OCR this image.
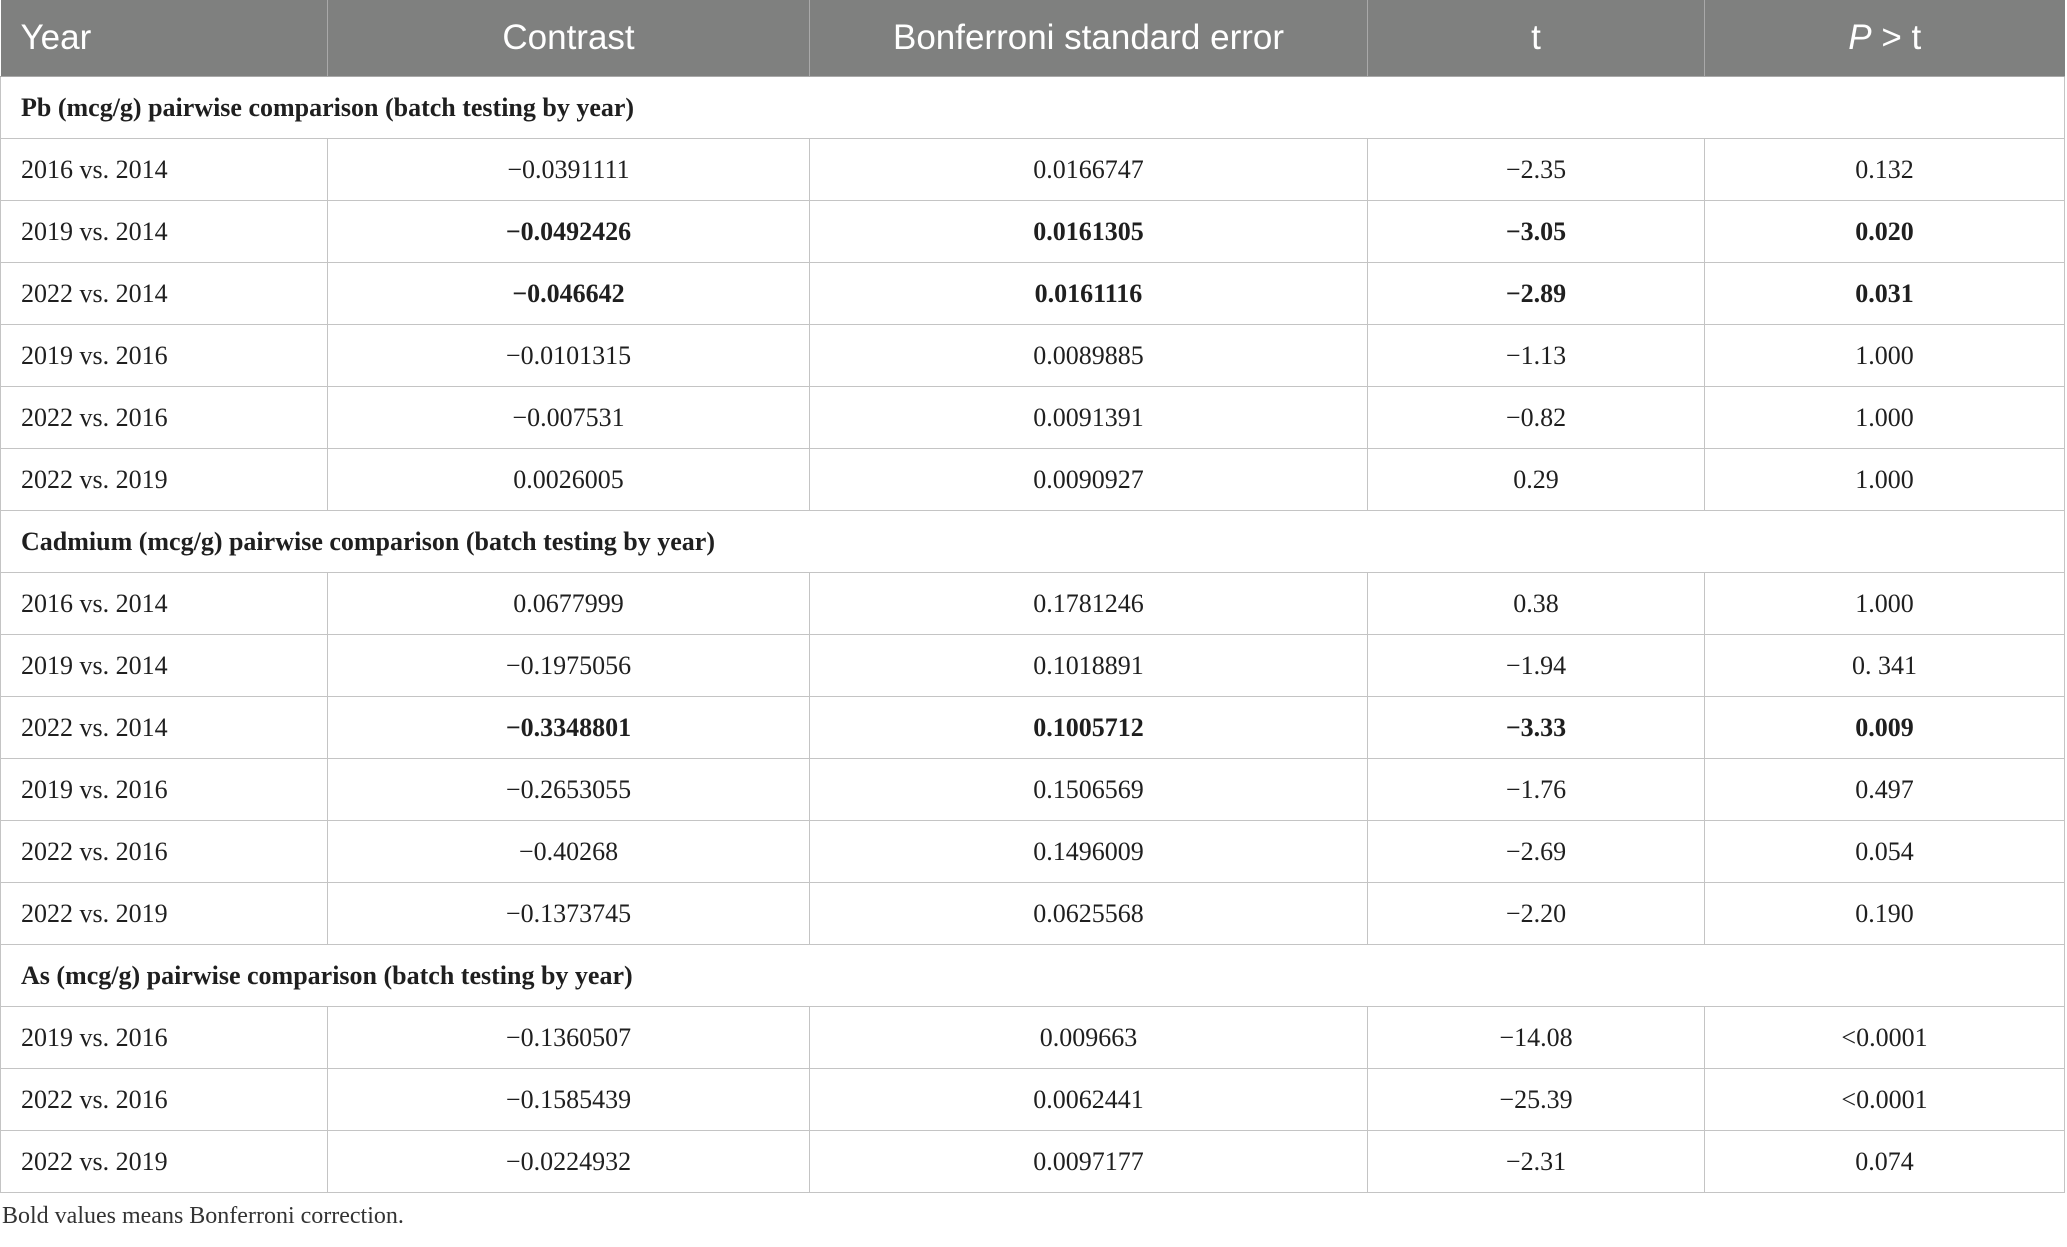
Year	Contrast	Bonferroni standard error	t	P > t
Pb (mcg/g) pairwise comparison (batch testing by year)				
2016 vs. 2014	−0.0391111	0.0166747	−2.35	0.132
2019 vs. 2014	−0.0492426	0.0161305	−3.05	0.020
2022 vs. 2014	−0.046642	0.0161116	−2.89	0.031
2019 vs. 2016	−0.0101315	0.0089885	−1.13	1.000
2022 vs. 2016	−0.007531	0.0091391	−0.82	1.000
2022 vs. 2019	0.0026005	0.0090927	0.29	1.000
Cadmium (mcg/g) pairwise comparison (batch testing by year)				
2016 vs. 2014	0.0677999	0.1781246	0.38	1.000
2019 vs. 2014	−0.1975056	0.1018891	−1.94	0. 341
2022 vs. 2014	−0.3348801	0.1005712	−3.33	0.009
2019 vs. 2016	−0.2653055	0.1506569	−1.76	0.497
2022 vs. 2016	−0.40268	0.1496009	−2.69	0.054
2022 vs. 2019	−0.1373745	0.0625568	−2.20	0.190
As (mcg/g) pairwise comparison (batch testing by year)				
2019 vs. 2016	−0.1360507	0.009663	−14.08	<0.0001
2022 vs. 2016	−0.1585439	0.0062441	−25.39	<0.0001
2022 vs. 2019	−0.0224932	0.0097177	−2.31	0.074
Bold values means Bonferroni correction.
